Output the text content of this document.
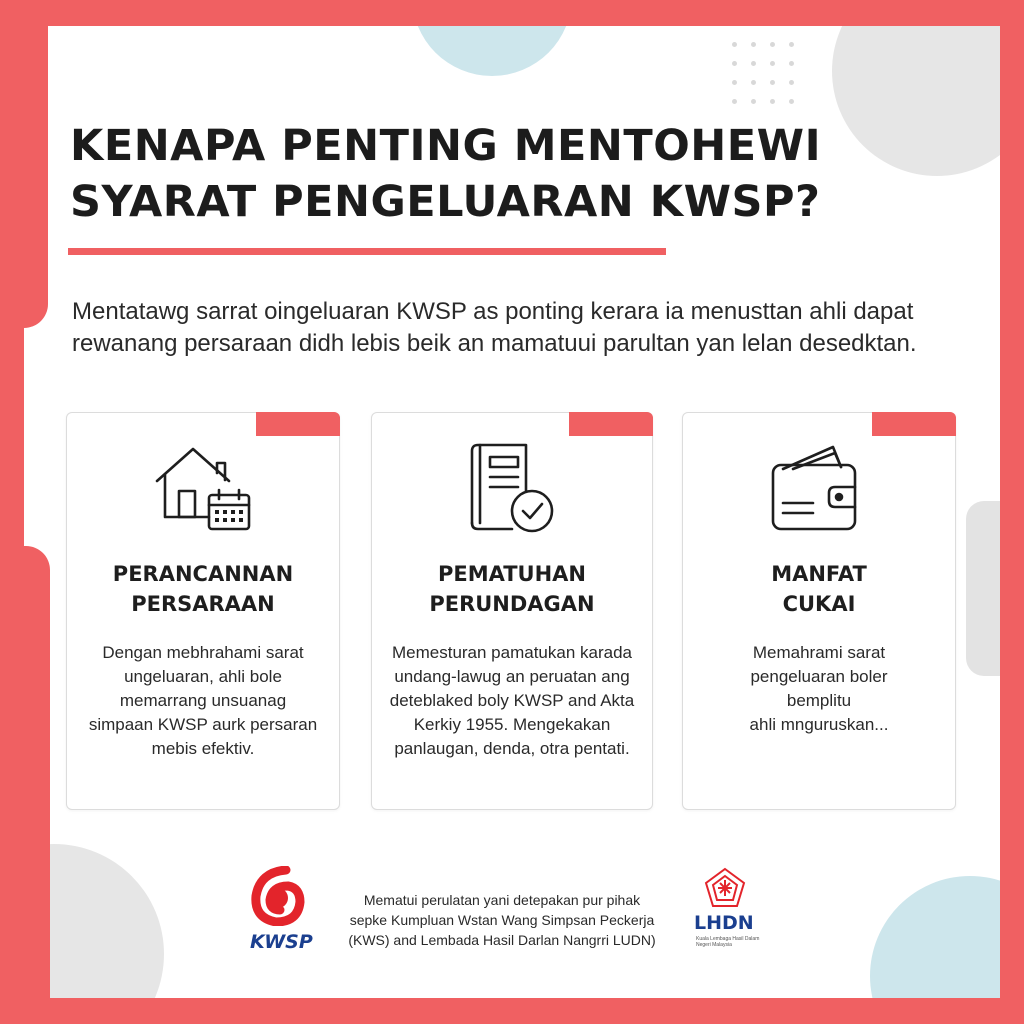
KENAPA PENTING MENTOHEWI
SYARAT PENGELUARAN KWSP?

Mentatawg sarrat oingeluaran KWSP as ponting kerara ia menusttan ahli dapat rewanang persaraan didh lebis beik an mamatuui parultan yan lelan desedktan.

PERANCANNAN
PERSARAAN

Dengan mebhrahami sarat
ungeluaran, ahli bole
memarrang unsuanag
simpaan KWSP aurk persaran
mebis efektiv.

PEMATUHAN
PERUNDAGAN

Memesturan pamatukan karada
undang-lawug an peruatan ang
deteblaked boly KWSP and Akta
Kerkiy 1955. Mengekakan
panlaugan, denda, otra pentati.

MANFAT
CUKAI

Memahrami sarat
pengeluaran boler
bemplitu
ahli mnguruskan...

KWSP

Mematui perulatan yani detepakan pur pihak
sepke Kumpluan Wstan Wang Simpsan Peckerja
(KWS) and Lembada Hasil Darlan Nangrri LUDN)

LHDN
Kuala Lembaga Hasil Dalam Negeri Malaysia
